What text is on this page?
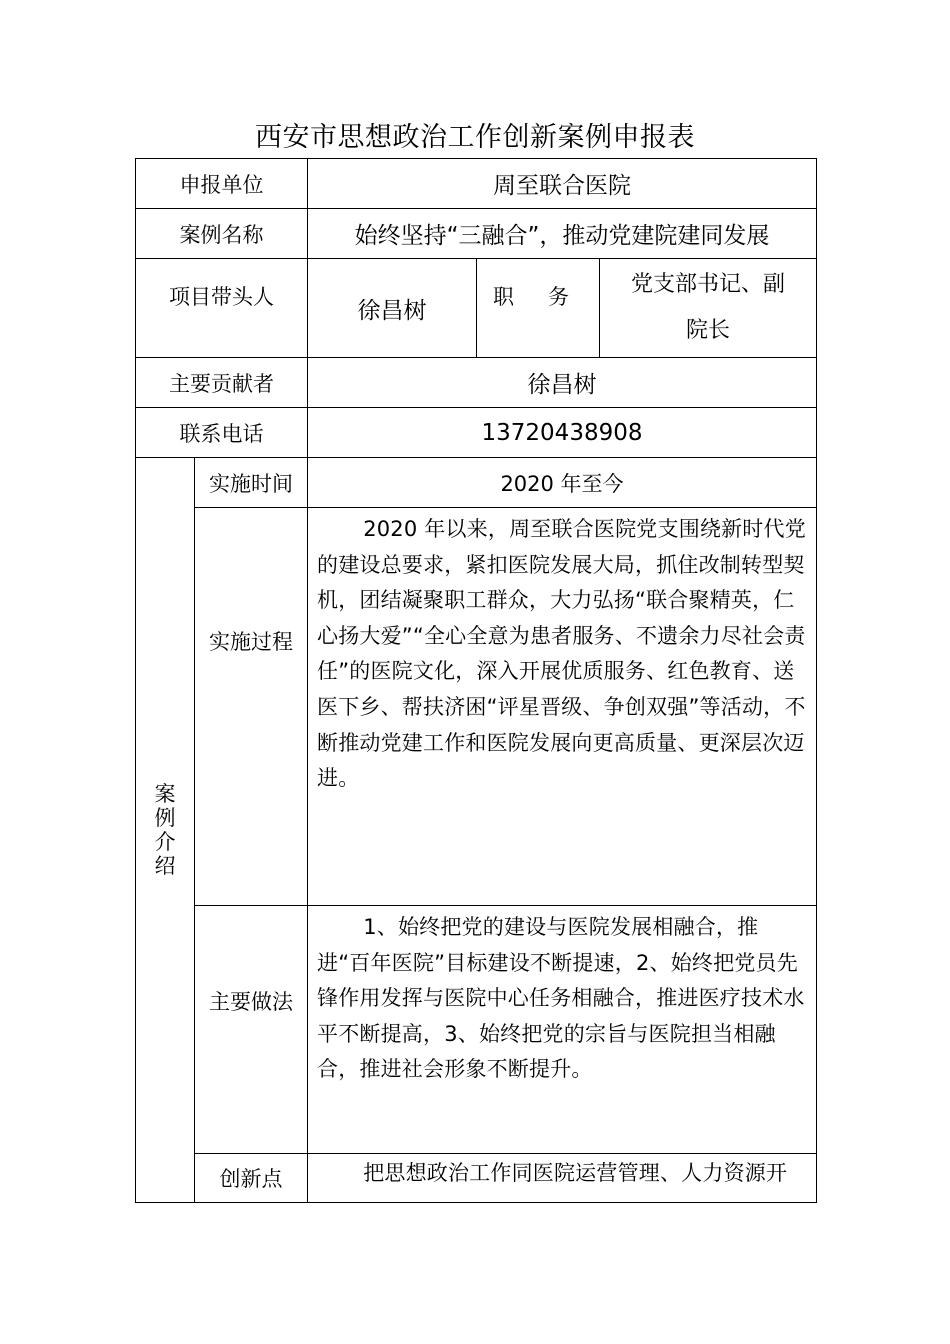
西安市思想政治工作创新案例申报表
申报单位		周至联合医院		
案例名称		始终坚持“三融合”，推动党建院建同发展		
项目带头人		徐昌树	职务	党支部书记、副院长

主要贡献者		徐昌树		
联系电话		13720438908		
案例介绍	实施时间	2020 年至今		
	实施过程	2020 年以来，周至联合医院党支围绕新时代党的建设总要求，紧扣医院发展大局，抓住改制转型契机，团结凝聚职工群众，大力弘扬“联合聚精英，仁心扬大爱”“全心全意为患者服务、不遗余力尽社会责任”的医院文化，深入开展优质服务、红色教育、送医下乡、帮扶济困“评星晋级、争创双强”等活动，不断推动党建工作和医院发展向更高质量、更深层次迈进。		

	主要做法	1、始终把党的建设与医院发展相融合，推进“百年医院”目标建设不断提速，2、始终把党员先锋作用发挥与医院中心任务相融合，推进医疗技术水平不断提高，3、始终把党的宗旨与医院担当相融合，推进社会形象不断提升。		

	创新点	把思想政治工作同医院运营管理、人力资源开		
